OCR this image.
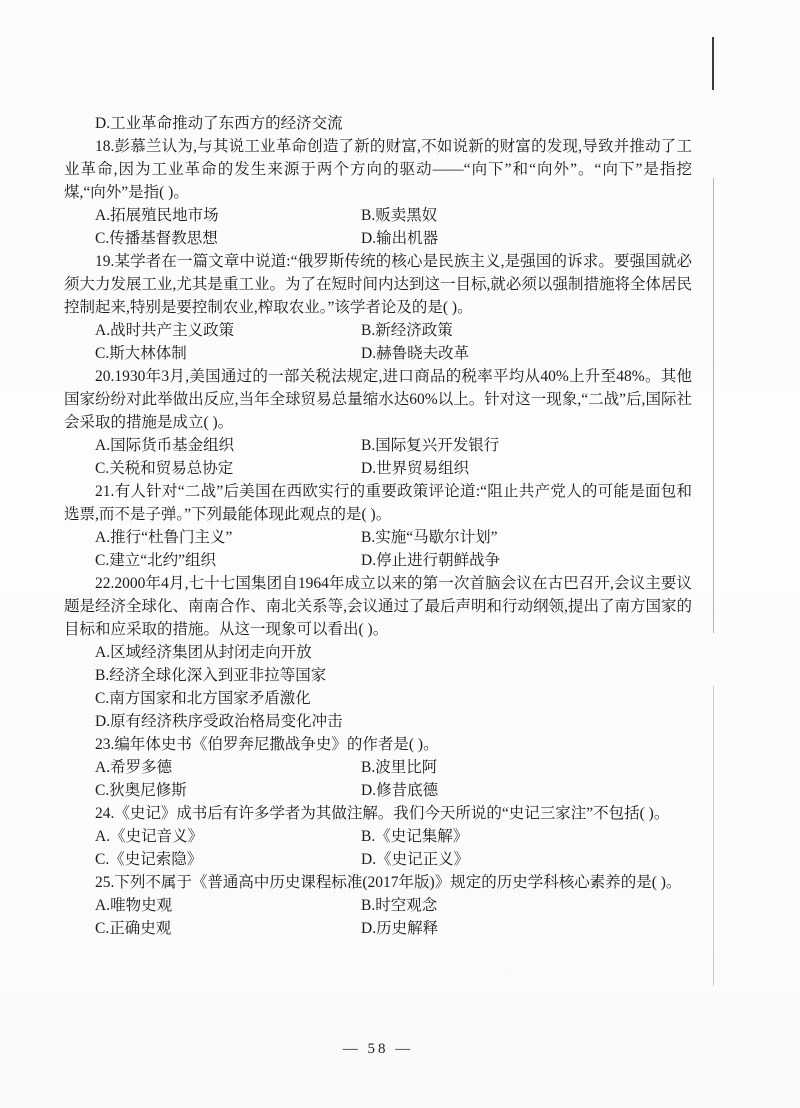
D.工业革命推动了东西方的经济交流

18.彭慕兰认为,与其说工业革命创造了新的财富,不如说新的财富的发现,导致并推动了工业革命,因为工业革命的发生来源于两个方向的驱动——“向下”和“向外”。“向下”是指挖煤,“向外”是指( )。

A.拓展殖民地市场	B.贩卖黑奴
C.传播基督教思想	D.输出机器

19.某学者在一篇文章中说道:“俄罗斯传统的核心是民族主义,是强国的诉求。要强国就必须大力发展工业,尤其是重工业。为了在短时间内达到这一目标,就必须以强制措施将全体居民控制起来,特别是要控制农业,榨取农业。”该学者论及的是( )。

A.战时共产主义政策	B.新经济政策
C.斯大林体制	D.赫鲁晓夫改革

20.1930年3月,美国通过的一部关税法规定,进口商品的税率平均从40%上升至48%。其他国家纷纷对此举做出反应,当年全球贸易总量缩水达60%以上。针对这一现象,“二战”后,国际社会采取的措施是成立( )。

A.国际货币基金组织	B.国际复兴开发银行
C.关税和贸易总协定	D.世界贸易组织

21.有人针对“二战”后美国在西欧实行的重要政策评论道:“阻止共产党人的可能是面包和选票,而不是子弹。”下列最能体现此观点的是( )。

A.推行“杜鲁门主义”	B.实施“马歇尔计划”
C.建立“北约”组织	D.停止进行朝鲜战争

22.2000年4月,七十七国集团自1964年成立以来的第一次首脑会议在古巴召开,会议主要议题是经济全球化、南南合作、南北关系等,会议通过了最后声明和行动纲领,提出了南方国家的目标和应采取的措施。从这一现象可以看出( )。

A.区域经济集团从封闭走向开放
B.经济全球化深入到亚非拉等国家
C.南方国家和北方国家矛盾激化
D.原有经济秩序受政治格局变化冲击

23.编年体史书《伯罗奔尼撒战争史》的作者是( )。

A.希罗多德	B.波里比阿
C.狄奥尼修斯	D.修昔底德

24.《史记》成书后有许多学者为其做注解。我们今天所说的“史记三家注”不包括( )。

A.《史记音义》	B.《史记集解》
C.《史记索隐》	D.《史记正义》

25.下列不属于《普通高中历史课程标准(2017年版)》规定的历史学科核心素养的是( )。

A.唯物史观	B.时空观念
C.正确史观	D.历史解释
— 58 —
